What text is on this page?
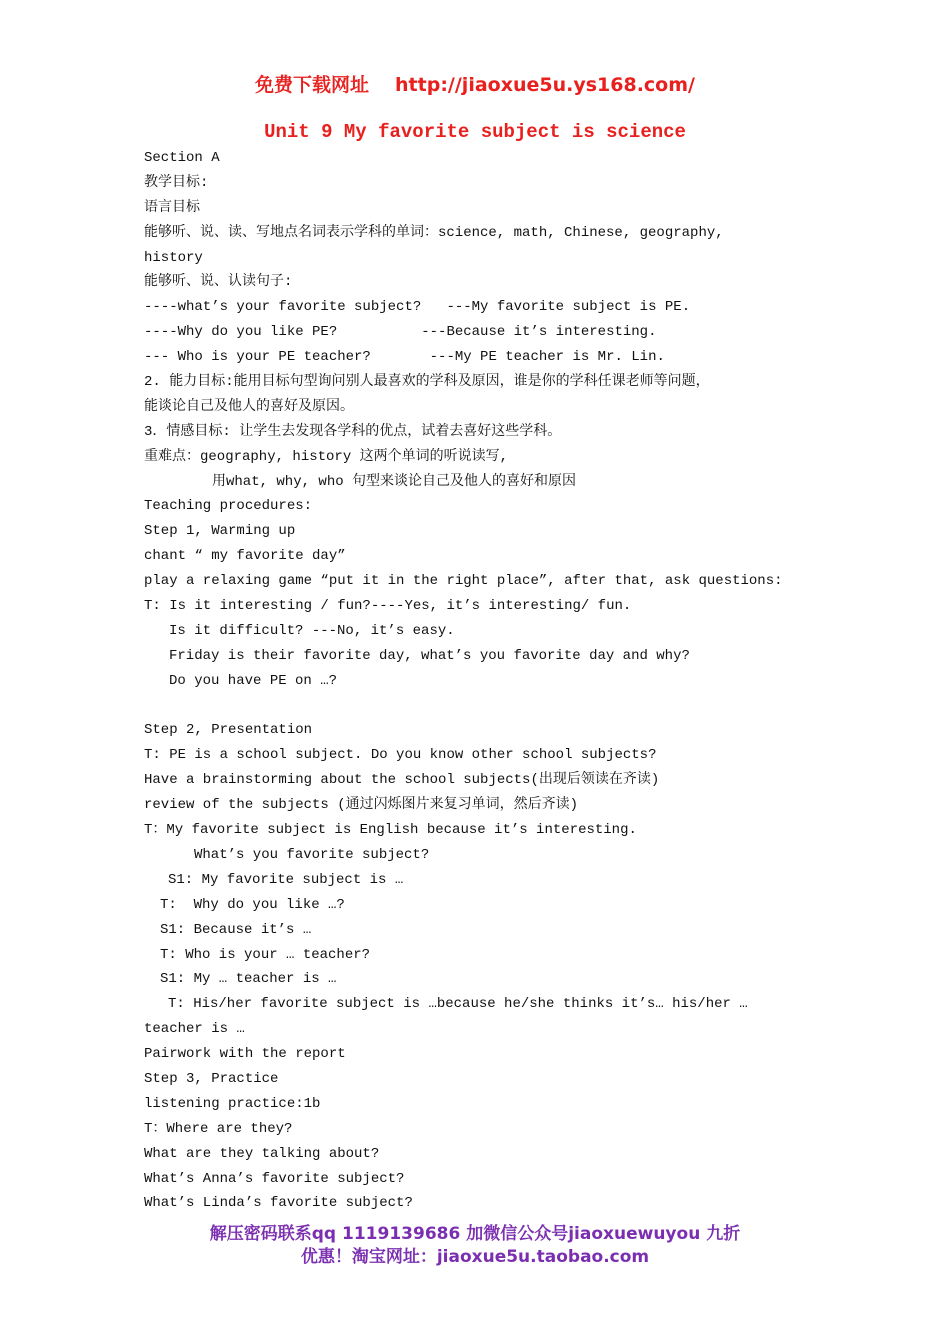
免费下载网址 http://jiaoxue5u.ys168.com/
Unit 9 My favorite subject is science
Section A
教学目标:
语言目标
能够听、说、读、写地点名词表示学科的单词：science, math, Chinese, geography,
history
能够听、说、认读句子:
----what’s your favorite subject?   ---My favorite subject is PE.
----Why do you like PE?          ---Because it’s interesting.
--- Who is your PE teacher?       ---My PE teacher is Mr. Lin.
2. 能力目标:能用目标句型询问别人最喜欢的学科及原因，谁是你的学科任课老师等问题，
能谈论自己及他人的喜好及原因。
3．情感目标: 让学生去发现各学科的优点，试着去喜好这些学科。
重难点：geography, history 这两个单词的听说读写,
用what, why, who 句型来谈论自己及他人的喜好和原因
Teaching procedures:
Step 1, Warming up
chant “ my favorite day”
play a relaxing game “put it in the right place”, after that, ask questions:
T: Is it interesting / fun?----Yes, it’s interesting/ fun.
Is it difficult? ---No, it’s easy.
Friday is their favorite day, what’s you favorite day and why?
Do you have PE on …?
Step 2, Presentation
T: PE is a school subject. Do you know other school subjects?
Have a brainstorming about the school subjects(出现后领读在齐读)
review of the subjects (通过闪烁图片来复习单词，然后齐读)
T：My favorite subject is English because it’s interesting.
What’s you favorite subject?
S1: My favorite subject is …
T:  Why do you like …?
S1: Because it’s …
T: Who is your … teacher?
S1: My … teacher is …
T: His/her favorite subject is …because he/she thinks it’s… his/her …
teacher is …
Pairwork with the report
Step 3, Practice
listening practice:1b
T：Where are they?
What are they talking about?
What’s Anna’s favorite subject?
What’s Linda’s favorite subject?
解压密码联系qq 1119139686 加微信公众号jiaoxuewuyou 九折
优惠！淘宝网址：jiaoxue5u.taobao.com
